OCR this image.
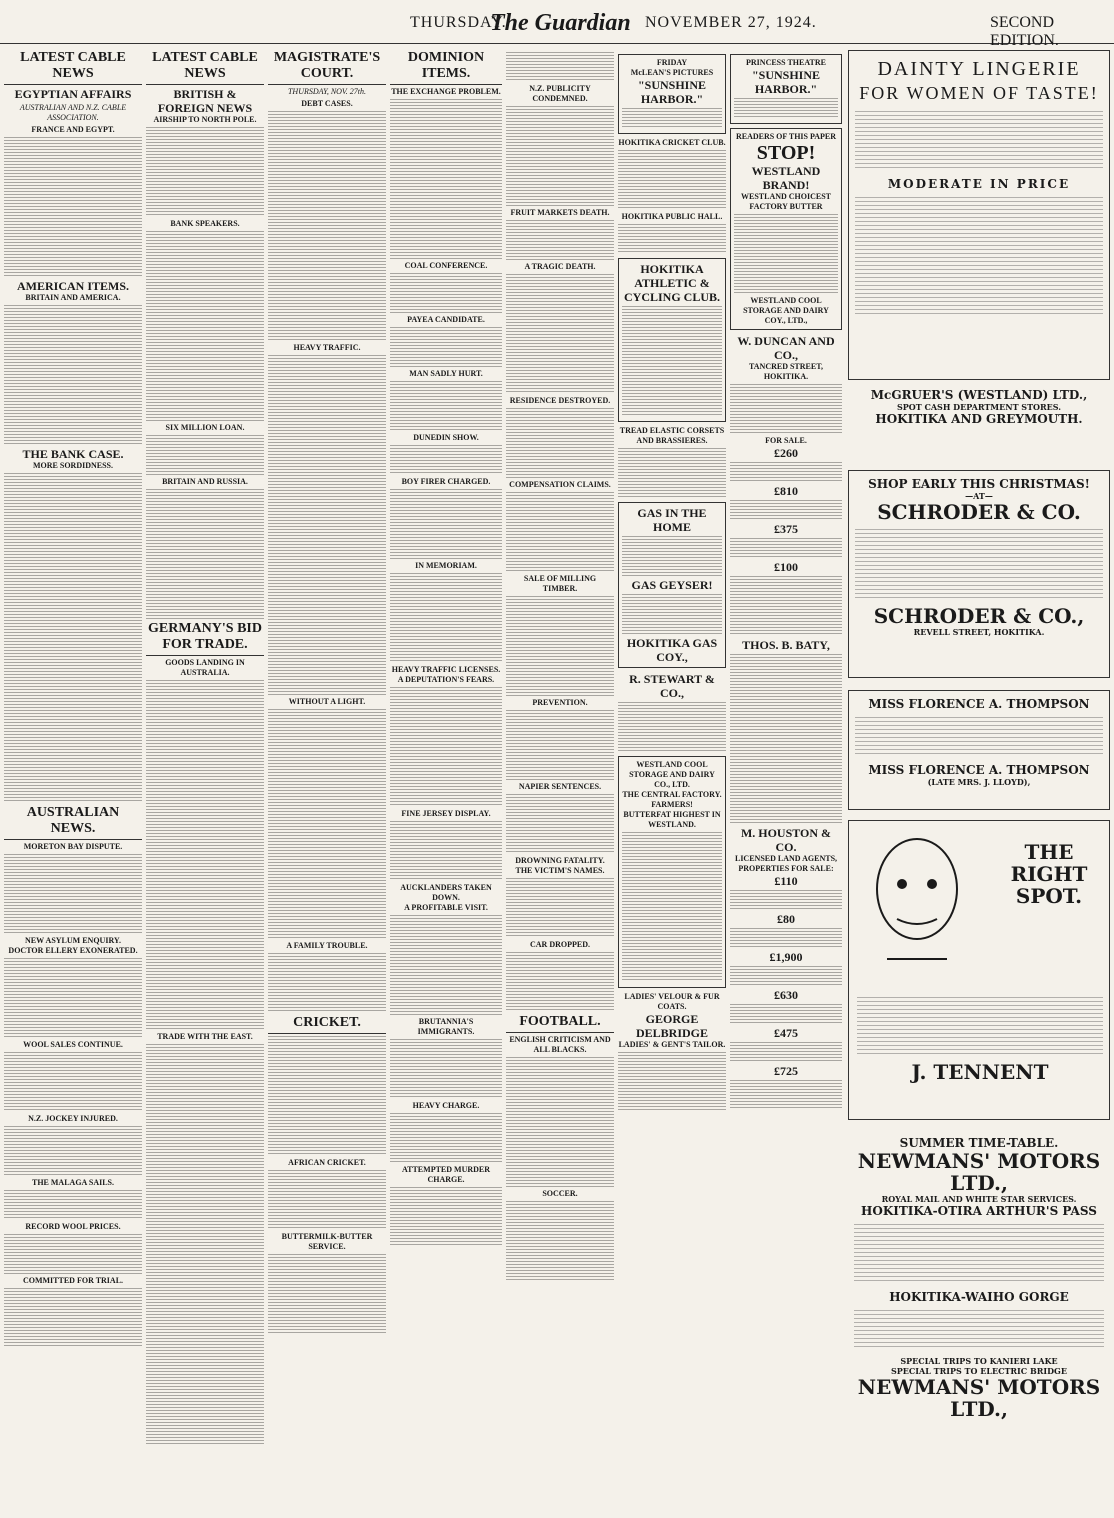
THURSDAY.
The Guardian NOVEMBER 27, 1924.	SECOND EDITION.
LATEST CABLE NEWS
EGYPTIAN AFFAIRS
AUSTRALIAN AND N.Z. CABLE ASSOCIATION.
FRANCE AND EGYPT.
AMERICAN ITEMS.
BRITAIN AND AMERICA.
THE BANK CASE.
MORE SORDIDNESS.
AUSTRALIAN NEWS.
MORETON BAY DISPUTE.
NEW ASYLUM ENQUIRY.
DOCTOR ELLERY EXONERATED.
WOOL SALES CONTINUE.
N.Z. JOCKEY INJURED.
THE MALAGA SAILS.
RECORD WOOL PRICES.
COMMITTED FOR TRIAL.
LATEST CABLE NEWS
BRITISH & FOREIGN NEWS
AIRSHIP TO NORTH POLE.
BANK SPEAKERS.
SIX MILLION LOAN.
BRITAIN AND RUSSIA.
GERMANY'S BID FOR TRADE.
GOODS LANDING IN AUSTRALIA.
TRADE WITH THE EAST.
MAGISTRATE'S COURT.
THURSDAY, NOV. 27th.
DEBT CASES.
HEAVY TRAFFIC.
WITHOUT A LIGHT.
A FAMILY TROUBLE.
CRICKET.
AFRICAN CRICKET.
BUTTERMILK-BUTTER SERVICE.
DOMINION ITEMS.
THE EXCHANGE PROBLEM.
COAL CONFERENCE.
PAYEA CANDIDATE.
MAN SADLY HURT.
DUNEDIN SHOW.
BOY FIRER CHARGED.
IN MEMORIAM.
HEAVY TRAFFIC LICENSES.
A DEPUTATION'S FEARS.
FINE JERSEY DISPLAY.
AUCKLANDERS TAKEN DOWN.
A PROFITABLE VISIT.
BRUTANNIA'S IMMIGRANTS.
HEAVY CHARGE.
ATTEMPTED MURDER CHARGE.
N.Z. PUBLICITY CONDEMNED.
FRUIT MARKETS DEATH.
A TRAGIC DEATH.
RESIDENCE DESTROYED.
COMPENSATION CLAIMS.
SALE OF MILLING TIMBER.
PREVENTION.
NAPIER SENTENCES.
DROWNING FATALITY.
THE VICTIM'S NAMES.
CAR DROPPED.
FOOTBALL.
ENGLISH CRITICISM AND ALL BLACKS.
SOCCER.
FRIDAY
McLEAN'S PICTURES
"SUNSHINE HARBOR."
HOKITIKA CRICKET CLUB.
HOKITIKA PUBLIC HALL.
HOKITIKA ATHLETIC & CYCLING CLUB.
TREAD ELASTIC CORSETS AND BRASSIERES.
GAS IN THE HOME
GAS GEYSER!
HOKITIKA GAS COY.,
R. STEWART & CO.,
WESTLAND COOL STORAGE AND DAIRY CO., LTD.
THE CENTRAL FACTORY.
FARMERS!
BUTTERFAT HIGHEST IN WESTLAND.
LADIES' VELOUR & FUR COATS.
GEORGE DELBRIDGE
LADIES' & GENT'S TAILOR.
PRINCESS THEATRE
"SUNSHINE HARBOR."
READERS OF THIS PAPER
STOP!
WESTLAND BRAND!
WESTLAND CHOICEST FACTORY BUTTER
WESTLAND COOL STORAGE AND DAIRY COY., LTD.,
W. DUNCAN AND CO.,
TANCRED STREET, HOKITIKA.
FOR SALE.
£260
£810
£375
£100
THOS. B. BATY,
M. HOUSTON & CO.
LICENSED LAND AGENTS,
PROPERTIES FOR SALE:
£110
£80
£1,900
£630
£475
£725
DAINTY LINGERIE
FOR WOMEN OF TASTE!
MODERATE IN PRICE
McGRUER'S (WESTLAND) LTD.,
SPOT CASH DEPARTMENT STORES.
HOKITIKA AND GREYMOUTH.
SHOP EARLY THIS CHRISTMAS!
—AT—
SCHRODER & CO.
SCHRODER & CO.,
REVELL STREET, HOKITIKA.
MISS FLORENCE A. THOMPSON
MISS FLORENCE A. THOMPSON
(LATE MRS. J. LLOYD),
THE RIGHT SPOT.
J. TENNENT
SUMMER TIME-TABLE.
NEWMANS' MOTORS LTD.,
ROYAL MAIL AND WHITE STAR SERVICES.
HOKITIKA-OTIRA ARTHUR'S PASS
HOKITIKA-WAIHO GORGE
SPECIAL TRIPS TO KANIERI LAKE
SPECIAL TRIPS TO ELECTRIC BRIDGE
NEWMANS' MOTORS LTD.,
